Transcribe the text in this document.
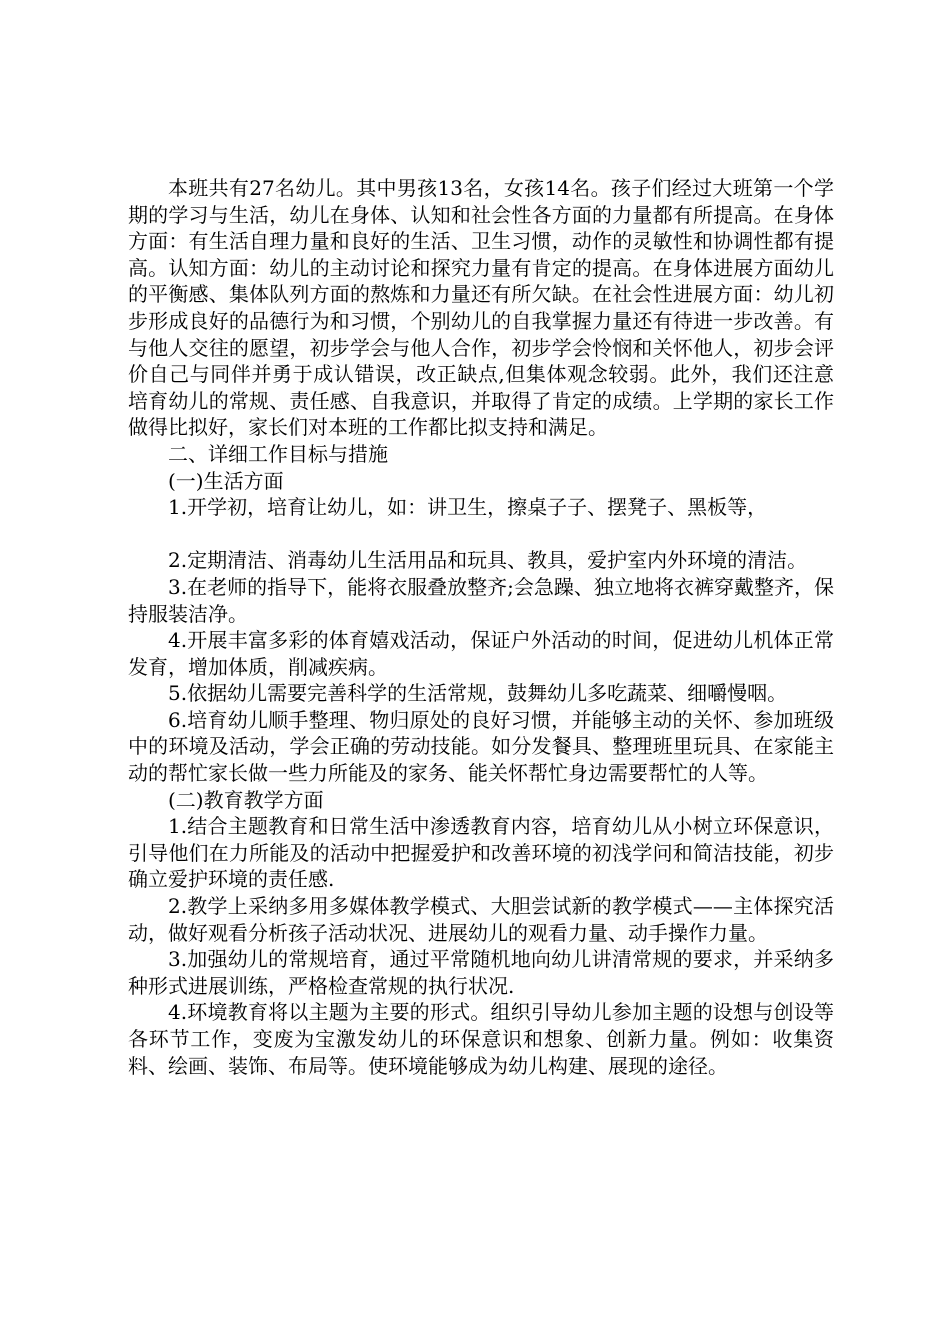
本班共有27名幼儿。其中男孩13名，女孩14名。孩子们经过大班第一个学期的学习与生活，幼儿在身体、认知和社会性各方面的力量都有所提高。在身体方面：有生活自理力量和良好的生活、卫生习惯，动作的灵敏性和协调性都有提高。认知方面：幼儿的主动讨论和探究力量有肯定的提高。在身体进展方面幼儿的平衡感、集体队列方面的熬炼和力量还有所欠缺。在社会性进展方面：幼儿初步形成良好的品德行为和习惯，个别幼儿的自我掌握力量还有待进一步改善。有与他人交往的愿望，初步学会与他人合作，初步学会怜悯和关怀他人，初步会评价自己与同伴并勇于成认错误，改正缺点,但集体观念较弱。此外，我们还注意培育幼儿的常规、责任感、自我意识，并取得了肯定的成绩。上学期的家长工作做得比拟好，家长们对本班的工作都比拟支持和满足。

二、详细工作目标与措施

(一)生活方面

1.开学初，培育让幼儿，如：讲卫生，擦桌子子、摆凳子、黑板等，

2.定期清洁、消毒幼儿生活用品和玩具、教具，爱护室内外环境的清洁。

3.在老师的指导下，能将衣服叠放整齐;会急躁、独立地将衣裤穿戴整齐，保持服装洁净。

4.开展丰富多彩的体育嬉戏活动，保证户外活动的时间，促进幼儿机体正常发育，增加体质，削减疾病。

5.依据幼儿需要完善科学的生活常规，鼓舞幼儿多吃蔬菜、细嚼慢咽。

6.培育幼儿顺手整理、物归原处的良好习惯，并能够主动的关怀、参加班级中的环境及活动，学会正确的劳动技能。如分发餐具、整理班里玩具、在家能主动的帮忙家长做一些力所能及的家务、能关怀帮忙身边需要帮忙的人等。

(二)教育教学方面

1.结合主题教育和日常生活中渗透教育内容，培育幼儿从小树立环保意识，引导他们在力所能及的活动中把握爱护和改善环境的初浅学问和简洁技能，初步确立爱护环境的责任感.

2.教学上采纳多用多媒体教学模式、大胆尝试新的教学模式——主体探究活动，做好观看分析孩子活动状况、进展幼儿的观看力量、动手操作力量。

3.加强幼儿的常规培育，通过平常随机地向幼儿讲清常规的要求，并采纳多种形式进展训练，严格检查常规的执行状况.

4.环境教育将以主题为主要的形式。组织引导幼儿参加主题的设想与创设等各环节工作，变废为宝激发幼儿的环保意识和想象、创新力量。例如：收集资料、绘画、装饰、布局等。使环境能够成为幼儿构建、展现的途径。
